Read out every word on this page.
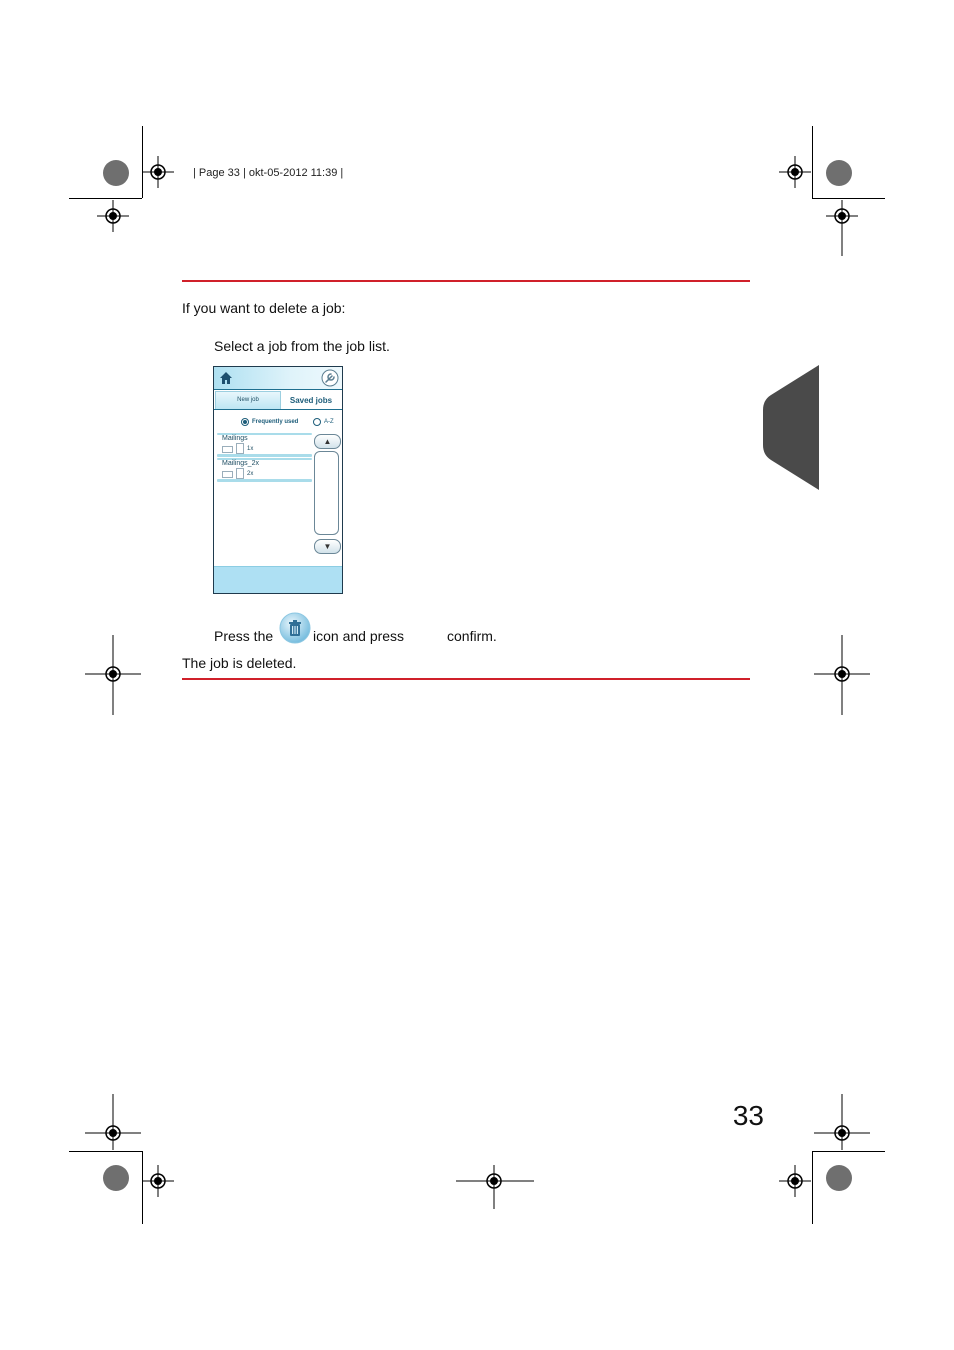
| Page 33 | okt-05-2012 11:39 |
If you want to delete a job:
Select a job from the job list.
New job	Saved jobs
Frequently used	A-Z
Mailings
1x
Mailings_2x
2x
▲
▼
Press the	icon and press	confirm.
The job is deleted.
33
